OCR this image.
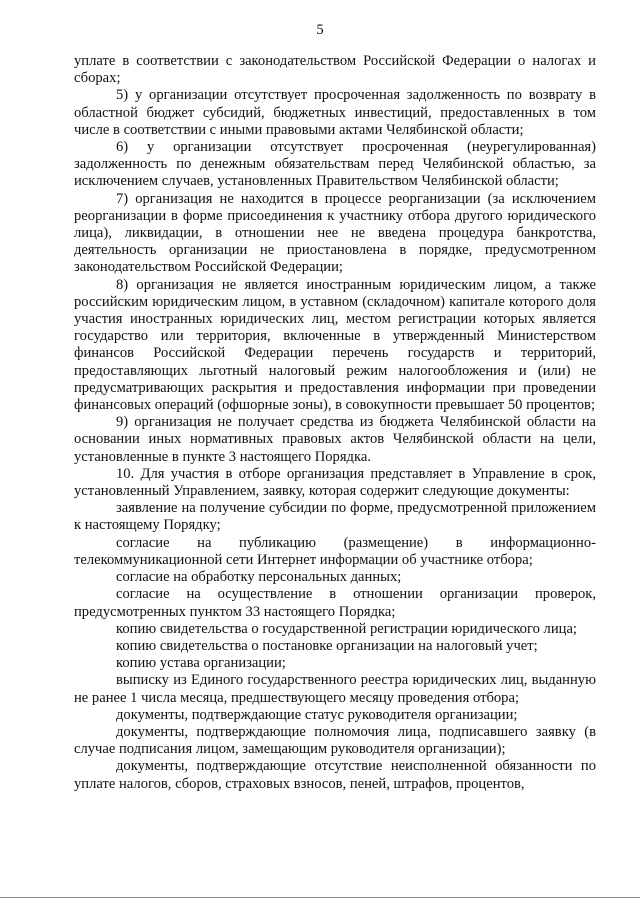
5

уплате в соответствии с законодательством Российской Федерации о налогах и сборах;

5) у организации отсутствует просроченная задолженность по возврату в областной бюджет субсидий, бюджетных инвестиций, предоставленных в том числе в соответствии с иными правовыми актами Челябинской области;

6) у организации отсутствует просроченная (неурегулированная) задолженность по денежным обязательствам перед Челябинской областью, за исключением случаев, установленных Правительством Челябинской области;

7) организация не находится в процессе реорганизации (за исключением реорганизации в форме присоединения к участнику отбора другого юридического лица), ликвидации, в отношении нее не введена процедура банкротства, деятельность организации не приостановлена в порядке, предусмотренном законодательством Российской Федерации;

8) организация не является иностранным юридическим лицом, а также российским юридическим лицом, в уставном (складочном) капитале которого доля участия иностранных юридических лиц, местом регистрации которых является государство или территория, включенные в утвержденный Министерством финансов Российской Федерации перечень государств и территорий, предоставляющих льготный налоговый режим налогообложения и (или) не предусматривающих раскрытия и предоставления информации при проведении финансовых операций (офшорные зоны), в совокупности превышает 50 процентов;

9) организация не получает средства из бюджета Челябинской области на основании иных нормативных правовых актов Челябинской области на цели, установленные в пункте 3 настоящего Порядка.

10. Для участия в отборе организация представляет в Управление в срок, установленный Управлением, заявку, которая содержит следующие документы:

заявление на получение субсидии по форме, предусмотренной приложением к настоящему Порядку;

согласие на публикацию (размещение) в информационно-телекоммуникационной сети Интернет информации об участнике отбора;

согласие на обработку персональных данных;

согласие на осуществление в отношении организации проверок, предусмотренных пунктом 33 настоящего Порядка;

копию свидетельства о государственной регистрации юридического лица;

копию свидетельства о постановке организации на налоговый учет;

копию устава организации;

выписку из Единого государственного реестра юридических лиц, выданную не ранее 1 числа месяца, предшествующего месяцу проведения отбора;

документы, подтверждающие статус руководителя организации;

документы, подтверждающие полномочия лица, подписавшего заявку (в случае подписания лицом, замещающим руководителя организации);

документы, подтверждающие отсутствие неисполненной обязанности по уплате налогов, сборов, страховых взносов, пеней, штрафов, процентов,
